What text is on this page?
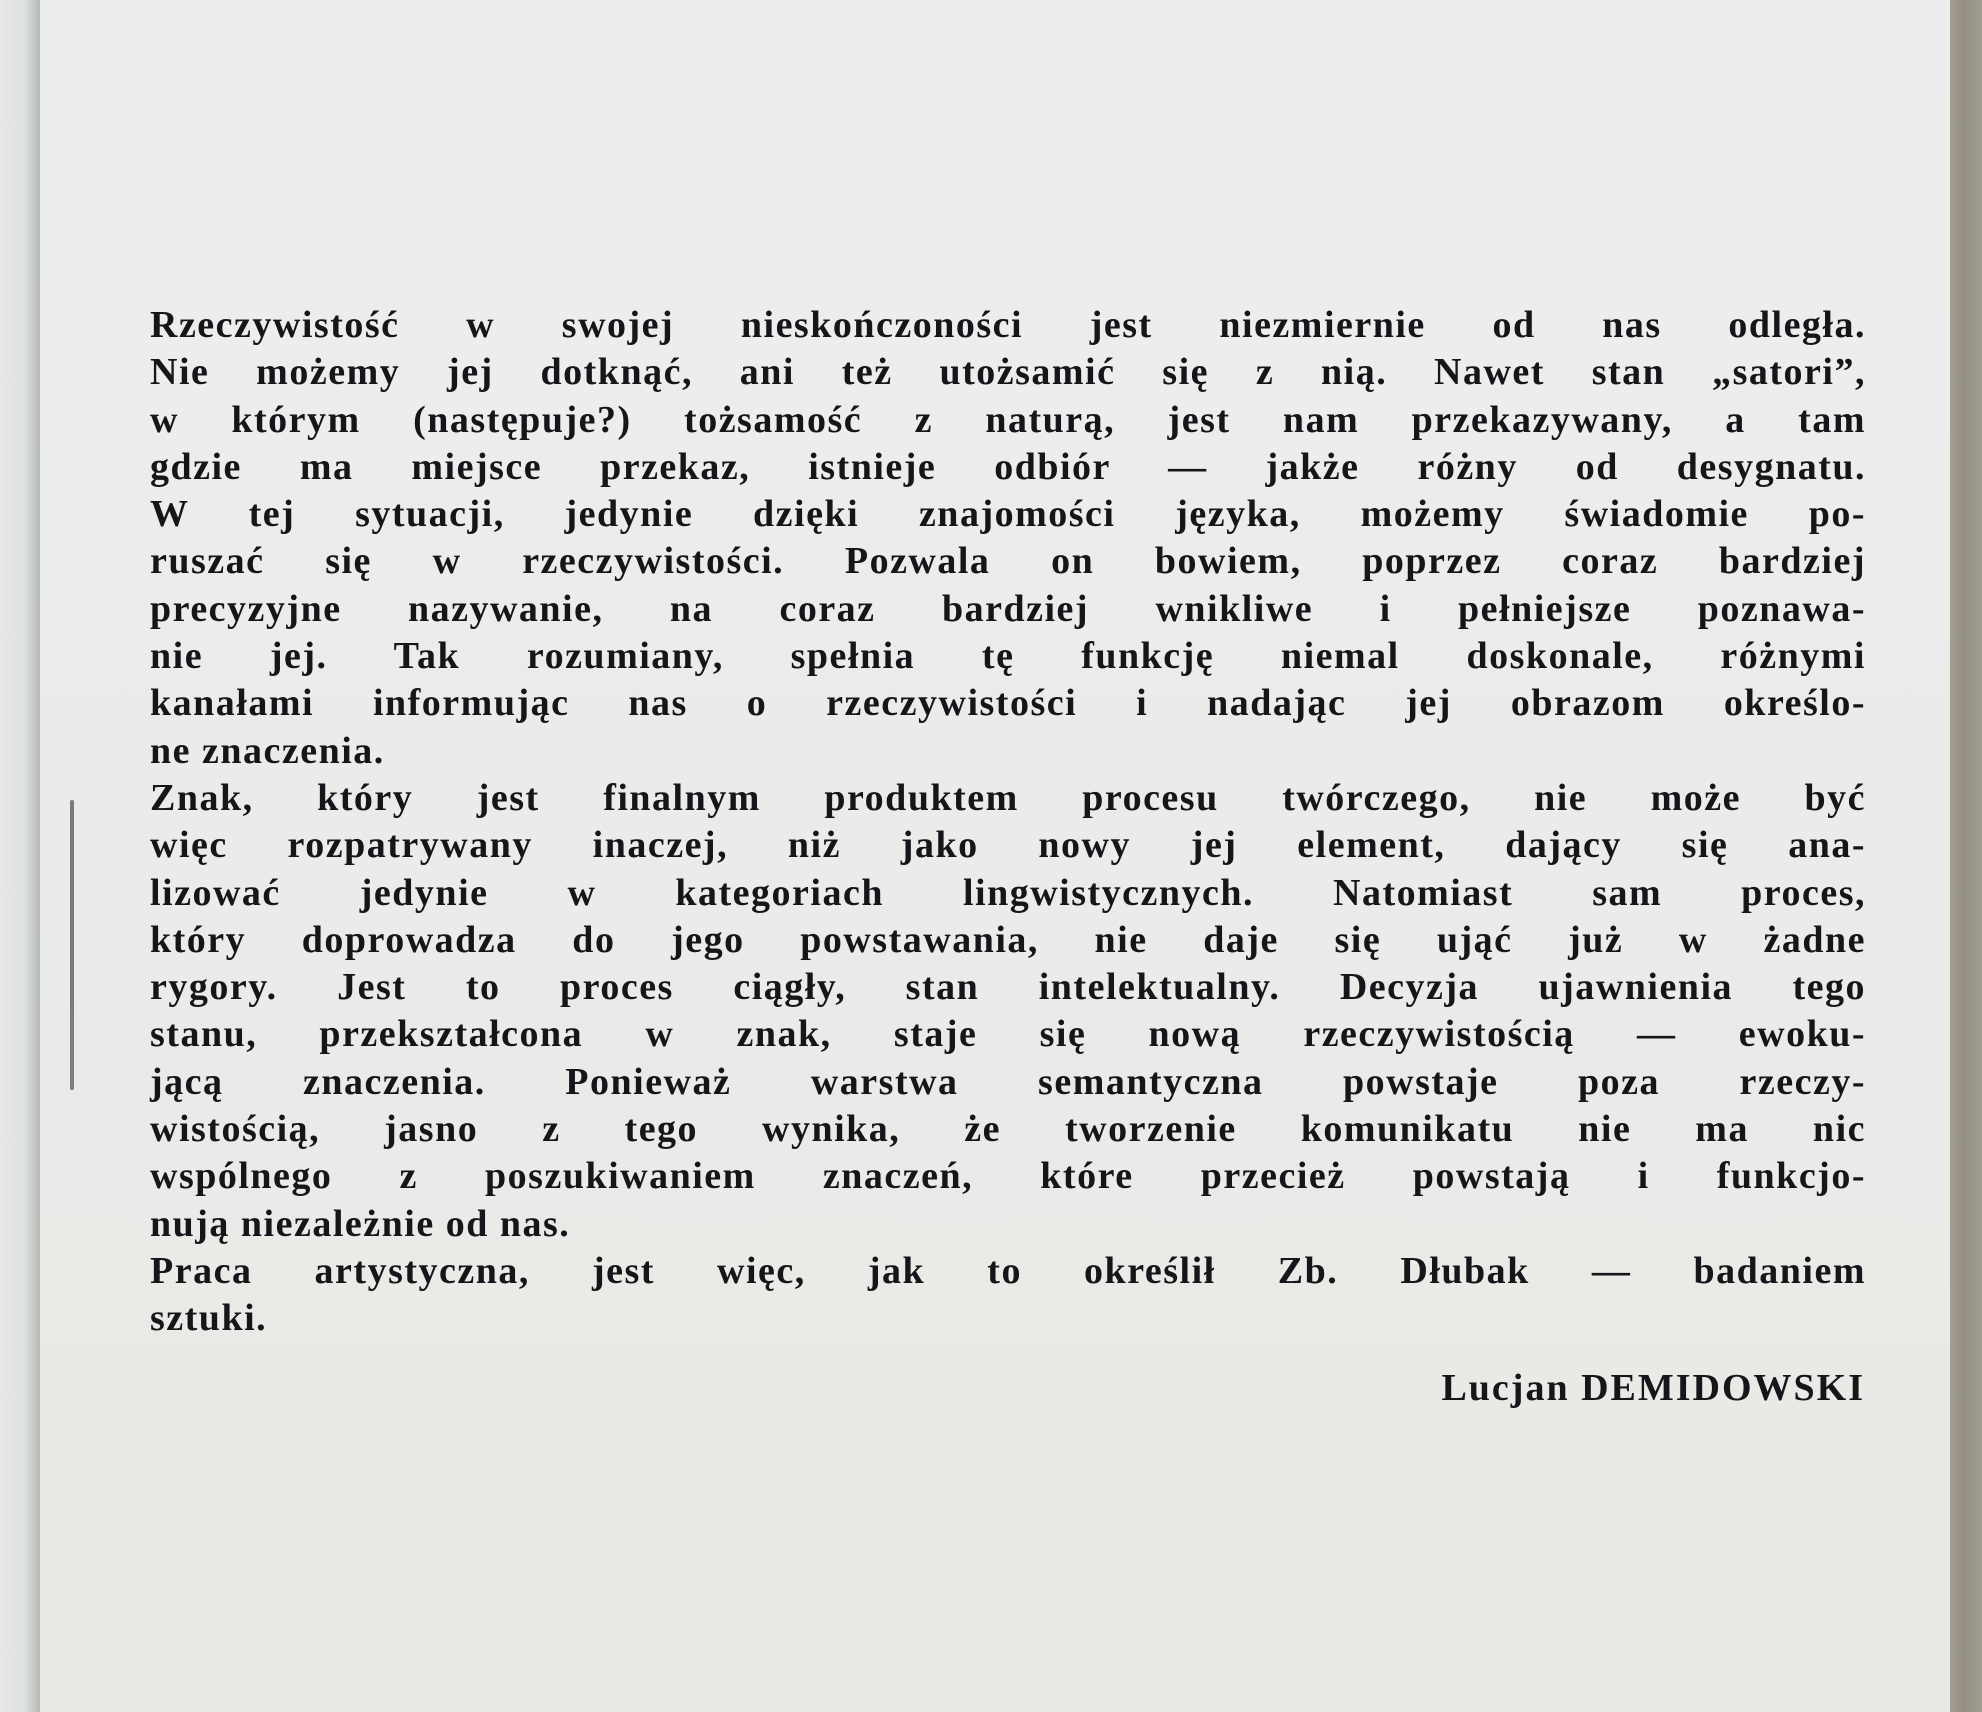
Rzeczywistość w swojej nieskończoności jest niezmiernie od nas odległa.
Nie możemy jej dotknąć, ani też utożsamić się z nią. Nawet stan „satori”,
w którym (następuje?) tożsamość z naturą, jest nam przekazywany, a tam
gdzie ma miejsce przekaz, istnieje odbiór — jakże różny od desygnatu.
W tej sytuacji, jedynie dzięki znajomości języka, możemy świadomie po-
ruszać się w rzeczywistości. Pozwala on bowiem, poprzez coraz bardziej
precyzyjne nazywanie, na coraz bardziej wnikliwe i pełniejsze poznawa-
nie jej. Tak rozumiany, spełnia tę funkcję niemal doskonale, różnymi
kanałami informując nas o rzeczywistości i nadając jej obrazom określo-
ne znaczenia.
Znak, który jest finalnym produktem procesu twórczego, nie może być
więc rozpatrywany inaczej, niż jako nowy jej element, dający się ana-
lizować jedynie w kategoriach lingwistycznych. Natomiast sam proces,
który doprowadza do jego powstawania, nie daje się ująć już w żadne
rygory. Jest to proces ciągły, stan intelektualny. Decyzja ujawnienia tego
stanu, przekształcona w znak, staje się nową rzeczywistością — ewoku-
jącą znaczenia. Ponieważ warstwa semantyczna powstaje poza rzeczy-
wistością, jasno z tego wynika, że tworzenie komunikatu nie ma nic
wspólnego z poszukiwaniem znaczeń, które przecież powstają i funkcjo-
nują niezależnie od nas.
Praca artystyczna, jest więc, jak to określił Zb. Dłubak — badaniem
sztuki.
Lucjan DEMIDOWSKI
